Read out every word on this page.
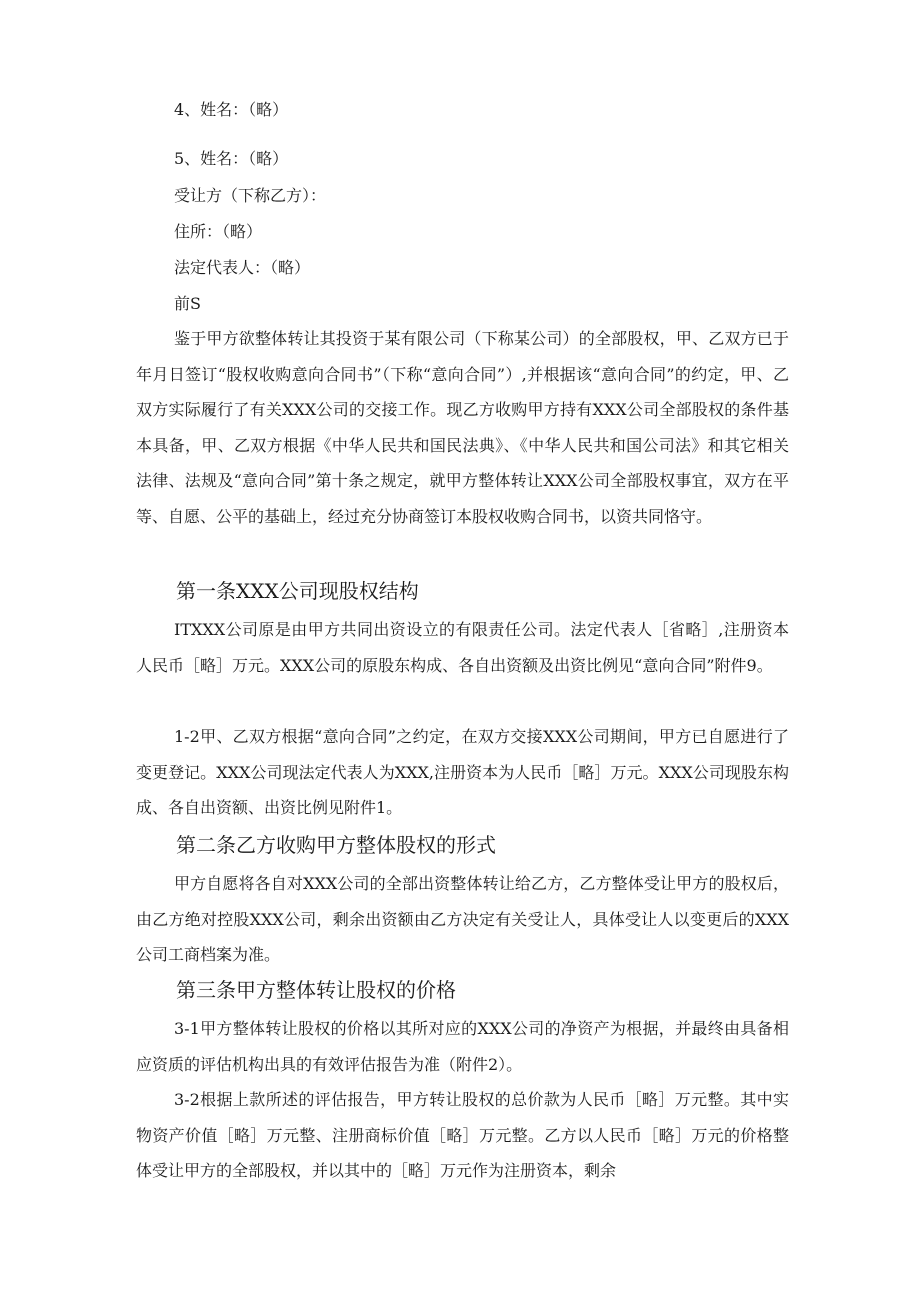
4、姓名：（略）
5、姓名：（略）
受让方（下称乙方）：
住所：（略）
法定代表人：（略）
前S

鉴于甲方欲整体转让其投资于某有限公司（下称某公司）的全部股权，甲、乙双方已于年月日签订“股权收购意向合同书”（下称“意向合同”）,并根据该“意向合同”的约定，甲、乙双方实际履行了有关XXX公司的交接工作。现乙方收购甲方持有XXX公司全部股权的条件基本具备，甲、乙双方根据《中华人民共和国民法典》、《中华人民共和国公司法》和其它相关法律、法规及“意向合同”第十条之规定，就甲方整体转让XXX公司全部股权事宜，双方在平等、自愿、公平的基础上，经过充分协商签订本股权收购合同书，以资共同恪守。

第一条XXX公司现股权结构

ITXXX公司原是由甲方共同出资设立的有限责任公司。法定代表人［省略］,注册资本人民币［略］万元。XXX公司的原股东构成、各自出资额及出资比例见“意向合同”附件9。

1-2甲、乙双方根据“意向合同”之约定，在双方交接XXX公司期间，甲方已自愿进行了变更登记。XXX公司现法定代表人为XXX,注册资本为人民币［略］万元。XXX公司现股东构成、各自出资额、出资比例见附件1。

第二条乙方收购甲方整体股权的形式

甲方自愿将各自对XXX公司的全部出资整体转让给乙方，乙方整体受让甲方的股权后，由乙方绝对控股XXX公司，剩余出资额由乙方决定有关受让人，具体受让人以变更后的XXX公司工商档案为准。

第三条甲方整体转让股权的价格

3-1甲方整体转让股权的价格以其所对应的XXX公司的净资产为根据，并最终由具备相应资质的评估机构出具的有效评估报告为准（附件2）。

3-2根据上款所述的评估报告，甲方转让股权的总价款为人民币［略］万元整。其中实物资产价值［略］万元整、注册商标价值［略］万元整。乙方以人民币［略］万元的价格整体受让甲方的全部股权，并以其中的［略］万元作为注册资本，剩余
